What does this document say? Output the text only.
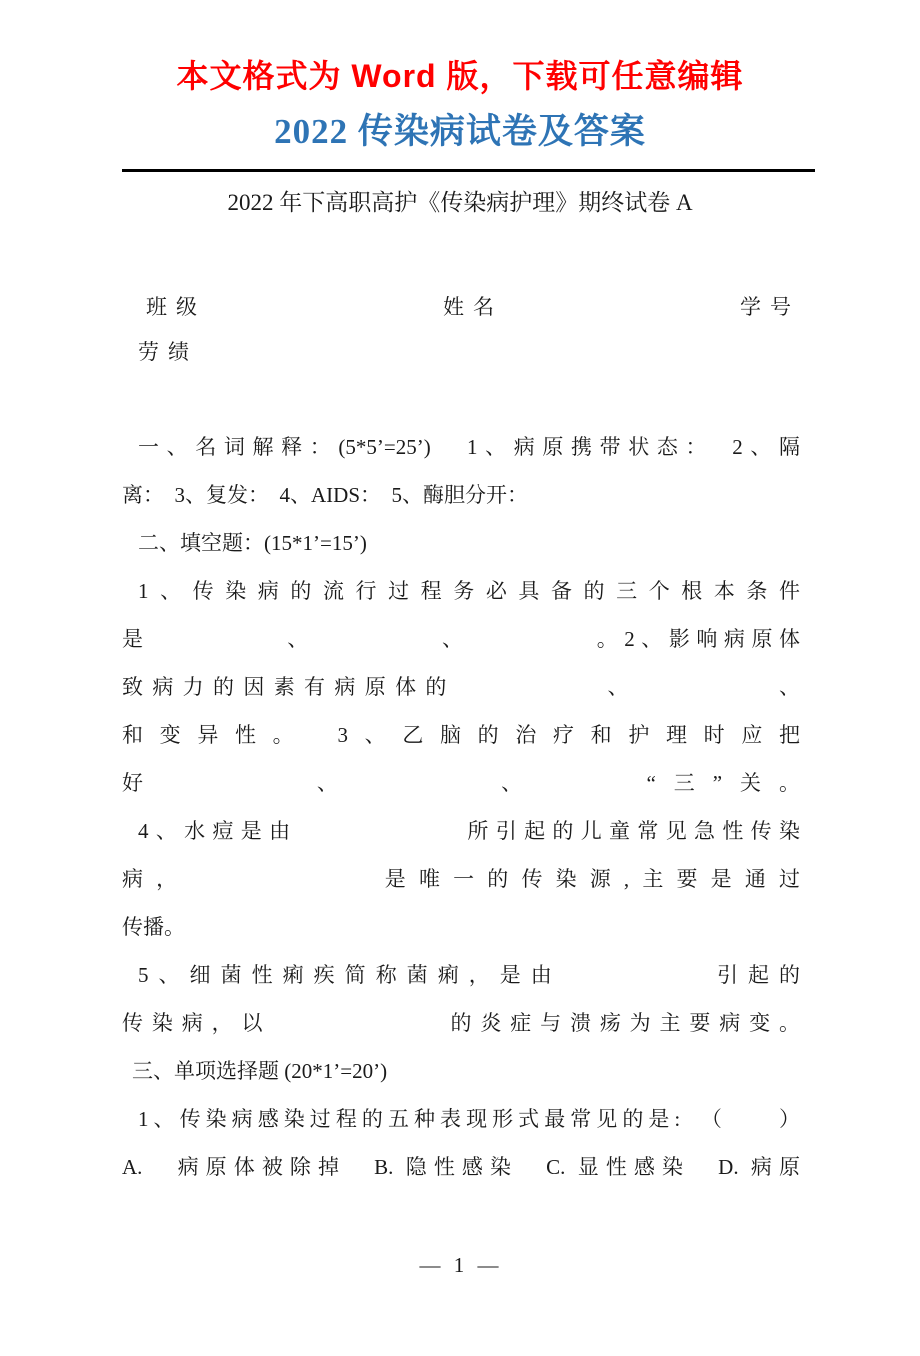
本文格式为 Word 版，下载可任意编辑
2022 传染病试卷及答案
2022 年下高职高护《传染病护理》期终试卷 A
班级	姓名	学号
劳绩
一、名词解释：(5*5’=25’)　1、病原携带状态：　2、隔
离：　3、复发：　4、AIDS：　5、酶胆分开：
二、填空题：(15*1’=15’)
1、传染病的流行过程务必具备的三个根本条件
是　　　　　、　　　　　、　　　　　。2、影响病原体
致病力的因素有病原体的　　　　　、　　　　　、
和变异性。　3、乙脑的治疗和护理时应把
好　　　　、　　　　、　　　“三”关。
4、水痘是由　　　　　　所引起的儿童常见急性传染
病，　　　　　　是唯一的传染源,主要是通过
传播。
5、细菌性痢疾简称菌痢，是由　　　　　引起的
传染病，以　　　　　　的炎症与溃疡为主要病变。
三、单项选择题 (20*1’=20’)
1、传染病感染过程的五种表现形式最常见的是:　（　　）
A.　病原体被除掉　B. 隐性感染　C. 显性感染　D. 病原
— 1 —
